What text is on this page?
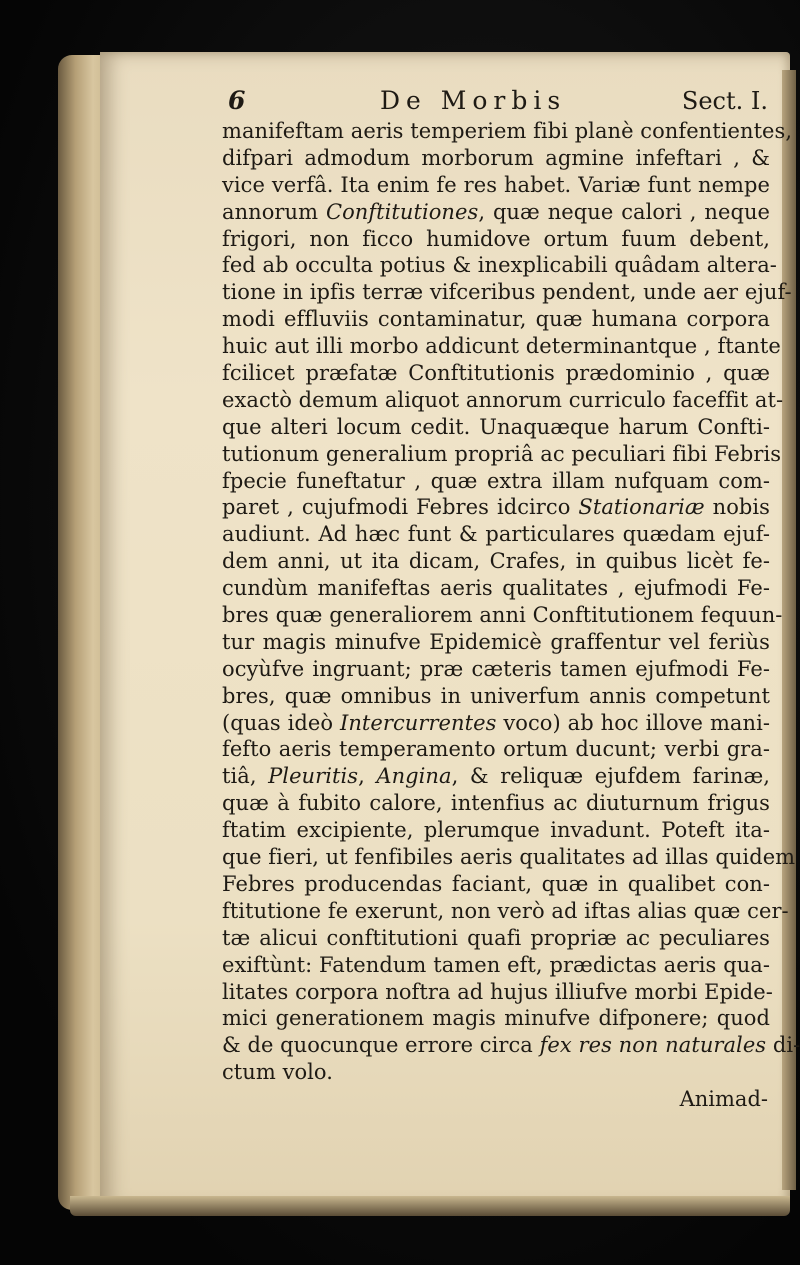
6	De Morbis	Sect. I.
manifeftam aeris temperiem fibi planè confentientes,
difpari admodum morborum agmine infeftari , &
vice verfâ. Ita enim fe res habet. Variæ funt nempe
annorum Conftitutiones, quæ neque calori , neque
frigori, non ficco humidove ortum fuum debent,
fed ab occulta potius & inexplicabili quâdam altera-
tione in ipfis terræ vifceribus pendent, unde aer ejuf-
modi effluviis contaminatur, quæ humana corpora
huic aut illi morbo addicunt determinantque , ftante
fcilicet præfatæ Conftitutionis prædominio , quæ
exactò demum aliquot annorum curriculo faceffit at-
que alteri locum cedit. Unaquæque harum Confti-
tutionum generalium propriâ ac peculiari fibi Febris
fpecie funeftatur , quæ extra illam nufquam com-
paret , cujufmodi Febres idcirco Stationariæ nobis
audiunt. Ad hæc funt & particulares quædam ejuf-
dem anni, ut ita dicam, Crafes, in quibus licèt fe-
cundùm manifeftas aeris qualitates , ejufmodi Fe-
bres quæ generaliorem anni Conftitutionem fequun-
tur magis minufve Epidemicè graffentur vel feriùs
ocyùfve ingruant; præ cæteris tamen ejufmodi Fe-
bres, quæ omnibus in univerfum annis competunt
(quas ideò Intercurrentes voco) ab hoc illove mani-
fefto aeris temperamento ortum ducunt; verbi gra-
tiâ, Pleuritis, Angina, & reliquæ ejufdem farinæ,
quæ à fubito calore, intenfius ac diuturnum frigus
ftatim excipiente, plerumque invadunt. Poteft ita-
que fieri, ut fenfibiles aeris qualitates ad illas quidem
Febres producendas faciant, quæ in qualibet con-
ftitutione fe exerunt, non verò ad iftas alias quæ cer-
tæ alicui conftitutioni quafi propriæ ac peculiares
exiftùnt: Fatendum tamen eft, prædictas aeris qua-
litates corpora noftra ad hujus illiufve morbi Epide-
mici generationem magis minufve difponere; quod
& de quocunque errore circa fex res non naturales di-
ctum volo.
Animad-
